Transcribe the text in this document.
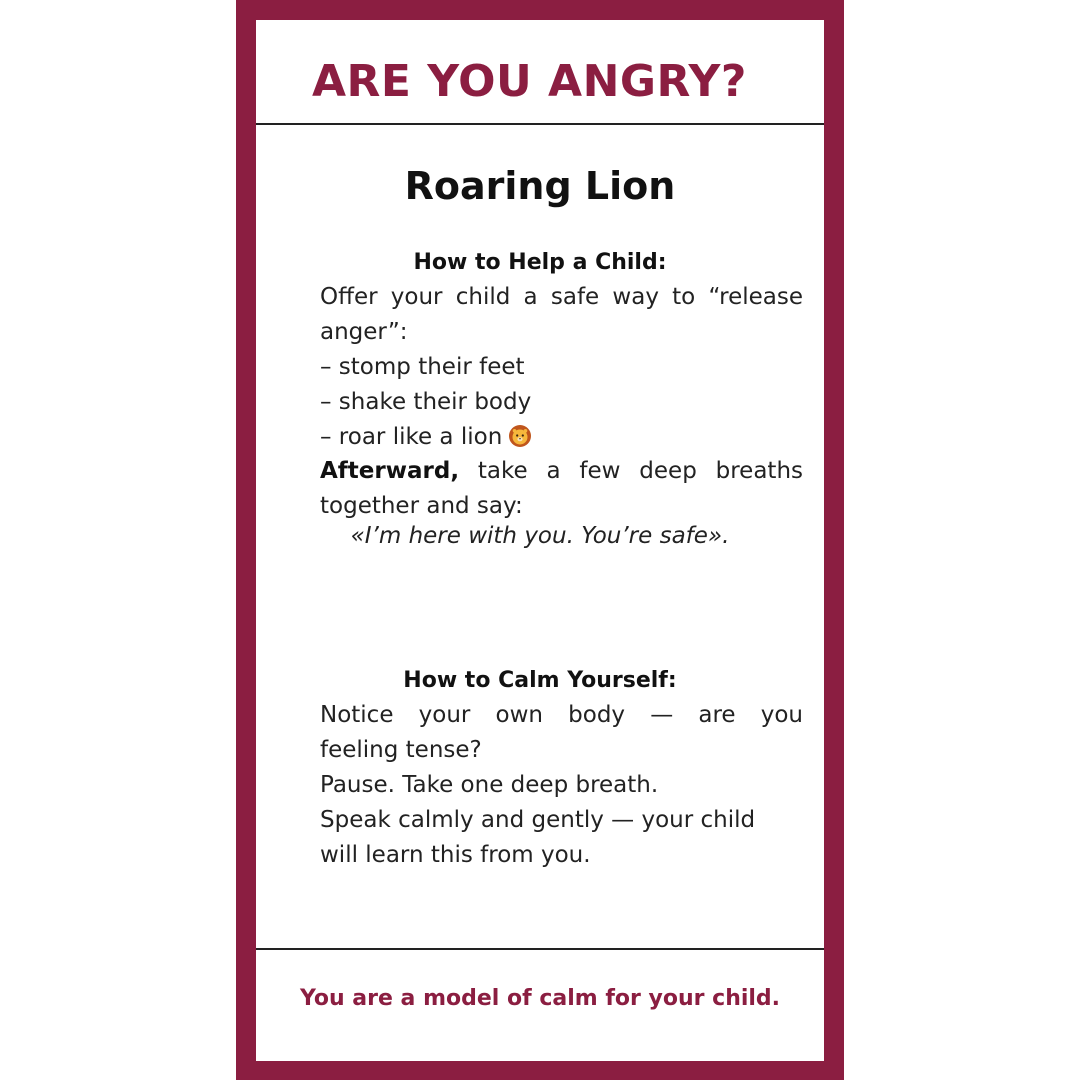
ARE YOU ANGRY?
Roaring Lion
How to Help a Child:
Offer your child a safe way to “release
anger”:
– stomp their feet
– shake their body
– roar like a lion
Afterward, take a few deep breaths
together and say:

«I’m here with you. You’re safe».

How to Calm Yourself:
Notice your own body — are you
feeling tense?
Pause. Take one deep breath.
Speak calmly and gently — your child
will learn this from you.

You are a model of calm for your child.
